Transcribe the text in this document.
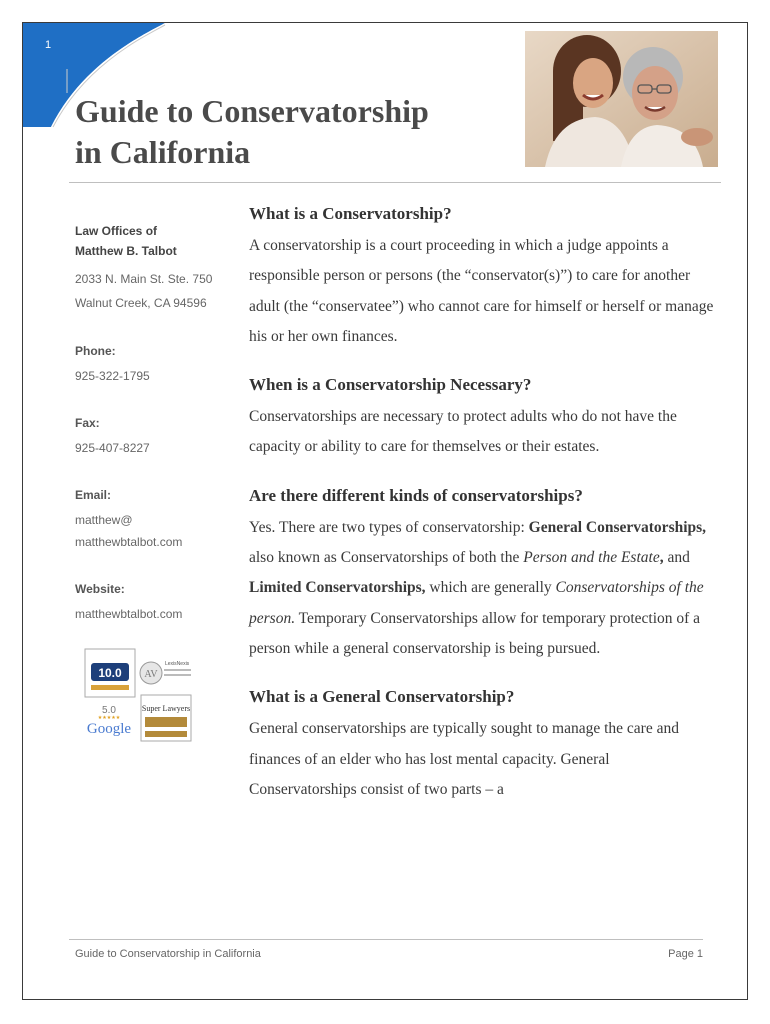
1
Guide to Conservatorship
in California
Law Offices of
Matthew B. Talbot
2033 N. Main St. Ste. 750
Walnut Creek, CA 94596
Phone:
925-322-1795
Fax:
925-407-8227
Email:
matthew@
matthewbtalbot.com
Website:
matthewbtalbot.com
10.0 AV
LexisNexis
5.0
★★★★★
Google
Super Lawyers
What is a Conservatorship?

A conservatorship is a court proceeding in which a judge appoints a responsible person or persons (the “conservator(s)”) to care for another adult (the “conservatee”) who cannot care for himself or herself or manage his or her own finances.

When is a Conservatorship Necessary?

Conservatorships are necessary to protect adults who do not have the capacity or ability to care for themselves or their estates.

Are there different kinds of conservatorships?

Yes. There are two types of conservatorship: General Conservatorships, also known as Conservatorships of both the Person and the Estate, and Limited Conservatorships, which are generally Conservatorships of the person. Temporary Conservatorships allow for temporary protection of a person while a general conservatorship is being pursued.

What is a General Conservatorship?

General conservatorships are typically sought to manage the care and finances of an elder who has lost mental capacity. General Conservatorships consist of two parts – a

Guide to Conservatorship in California	Page 1
